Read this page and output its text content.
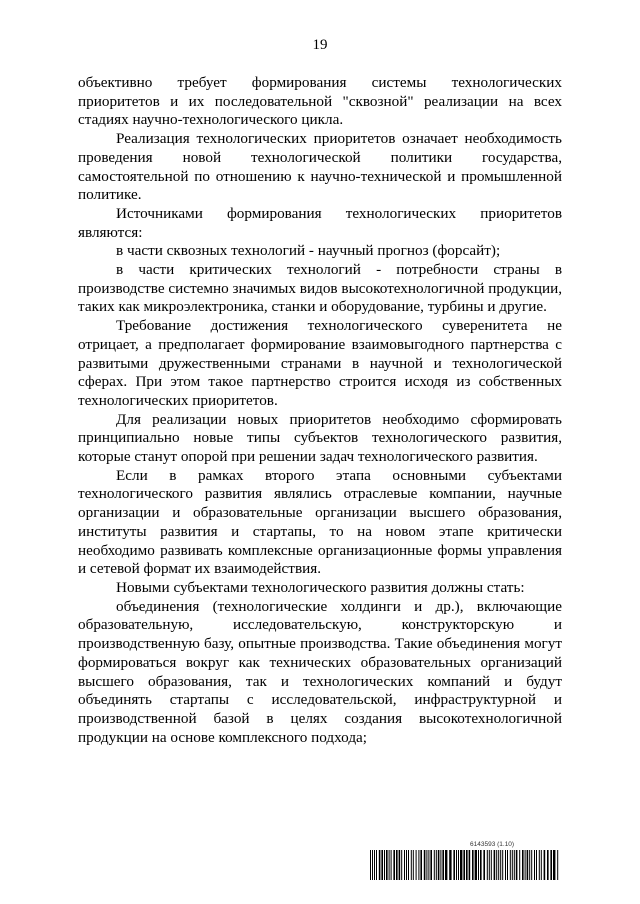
19

объективно требует формирования системы технологических приоритетов и их последовательной "сквозной" реализации на всех стадиях научно-технологического цикла.

Реализация технологических приоритетов означает необходимость проведения новой технологической политики государства, самостоятельной по отношению к научно-технической и промышленной политике.

Источниками формирования технологических приоритетов являются:

в части сквозных технологий - научный прогноз (форсайт);

в части критических технологий - потребности страны в производстве системно значимых видов высокотехнологичной продукции, таких как микроэлектроника, станки и оборудование, турбины и другие.

Требование достижения технологического суверенитета не отрицает, а предполагает формирование взаимовыгодного партнерства с развитыми дружественными странами в научной и технологической сферах. При этом такое партнерство строится исходя из собственных технологических приоритетов.

Для реализации новых приоритетов необходимо сформировать принципиально новые типы субъектов технологического развития, которые станут опорой при решении задач технологического развития.

Если в рамках второго этапа основными субъектами технологического развития являлись отраслевые компании, научные организации и образовательные организации высшего образования, институты развития и стартапы, то на новом этапе критически необходимо развивать комплексные организационные формы управления и сетевой формат их взаимодействия.

Новыми субъектами технологического развития должны стать:

объединения (технологические холдинги и др.), включающие образовательную, исследовательскую, конструкторскую и производственную базу, опытные производства. Такие объединения могут формироваться вокруг как технических образовательных организаций высшего образования, так и технологических компаний и будут объединять стартапы с исследовательской, инфраструктурной и производственной базой в целях создания высокотехнологичной продукции на основе комплексного подхода;

6143593 (1.10)
